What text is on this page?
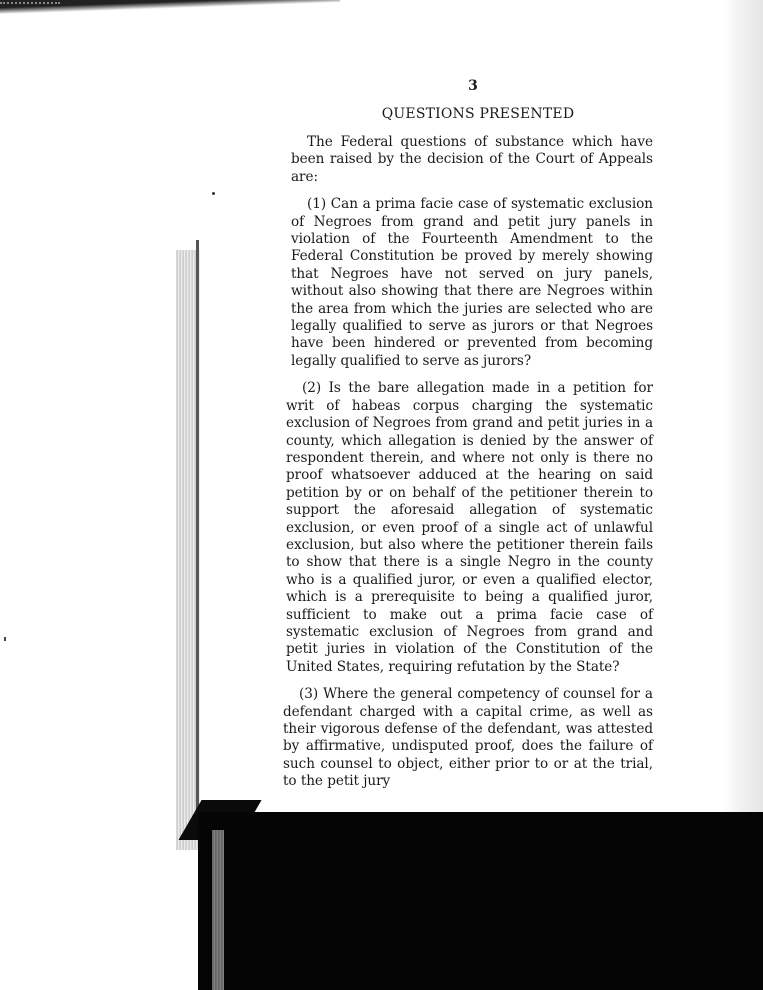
3
QUESTIONS PRESENTED

The Federal questions of substance which have been raised by the decision of the Court of Appeals are:

(1) Can a prima facie case of systematic exclusion of Negroes from grand and petit jury panels in violation of the Fourteenth Amendment to the Federal Constitution be proved by merely showing that Negroes have not served on jury panels, without also showing that there are Negroes within the area from which the juries are selected who are legally qualified to serve as jurors or that Negroes have been hindered or prevented from becoming legally qualified to serve as jurors?

(2) Is the bare allegation made in a petition for writ of habeas corpus charging the systematic exclusion of Negroes from grand and petit juries in a county, which allegation is denied by the answer of respondent therein, and where not only is there no proof whatsoever adduced at the hearing on said petition by or on behalf of the petitioner therein to support the aforesaid allegation of systematic exclusion, or even proof of a single act of unlawful exclusion, but also where the petitioner therein fails to show that there is a single Negro in the county who is a qualified juror, or even a qualified elector, which is a prerequisite to being a qualified juror, sufficient to make out a prima facie case of systematic exclusion of Negroes from grand and petit juries in violation of the Constitution of the United States, requiring refutation by the State?

(3) Where the general competency of counsel for a defendant charged with a capital crime, as well as their vigorous defense of the defendant, was attested by affirmative, undisputed proof, does the failure of such counsel to object, either prior to or at the trial, to the petit jury
